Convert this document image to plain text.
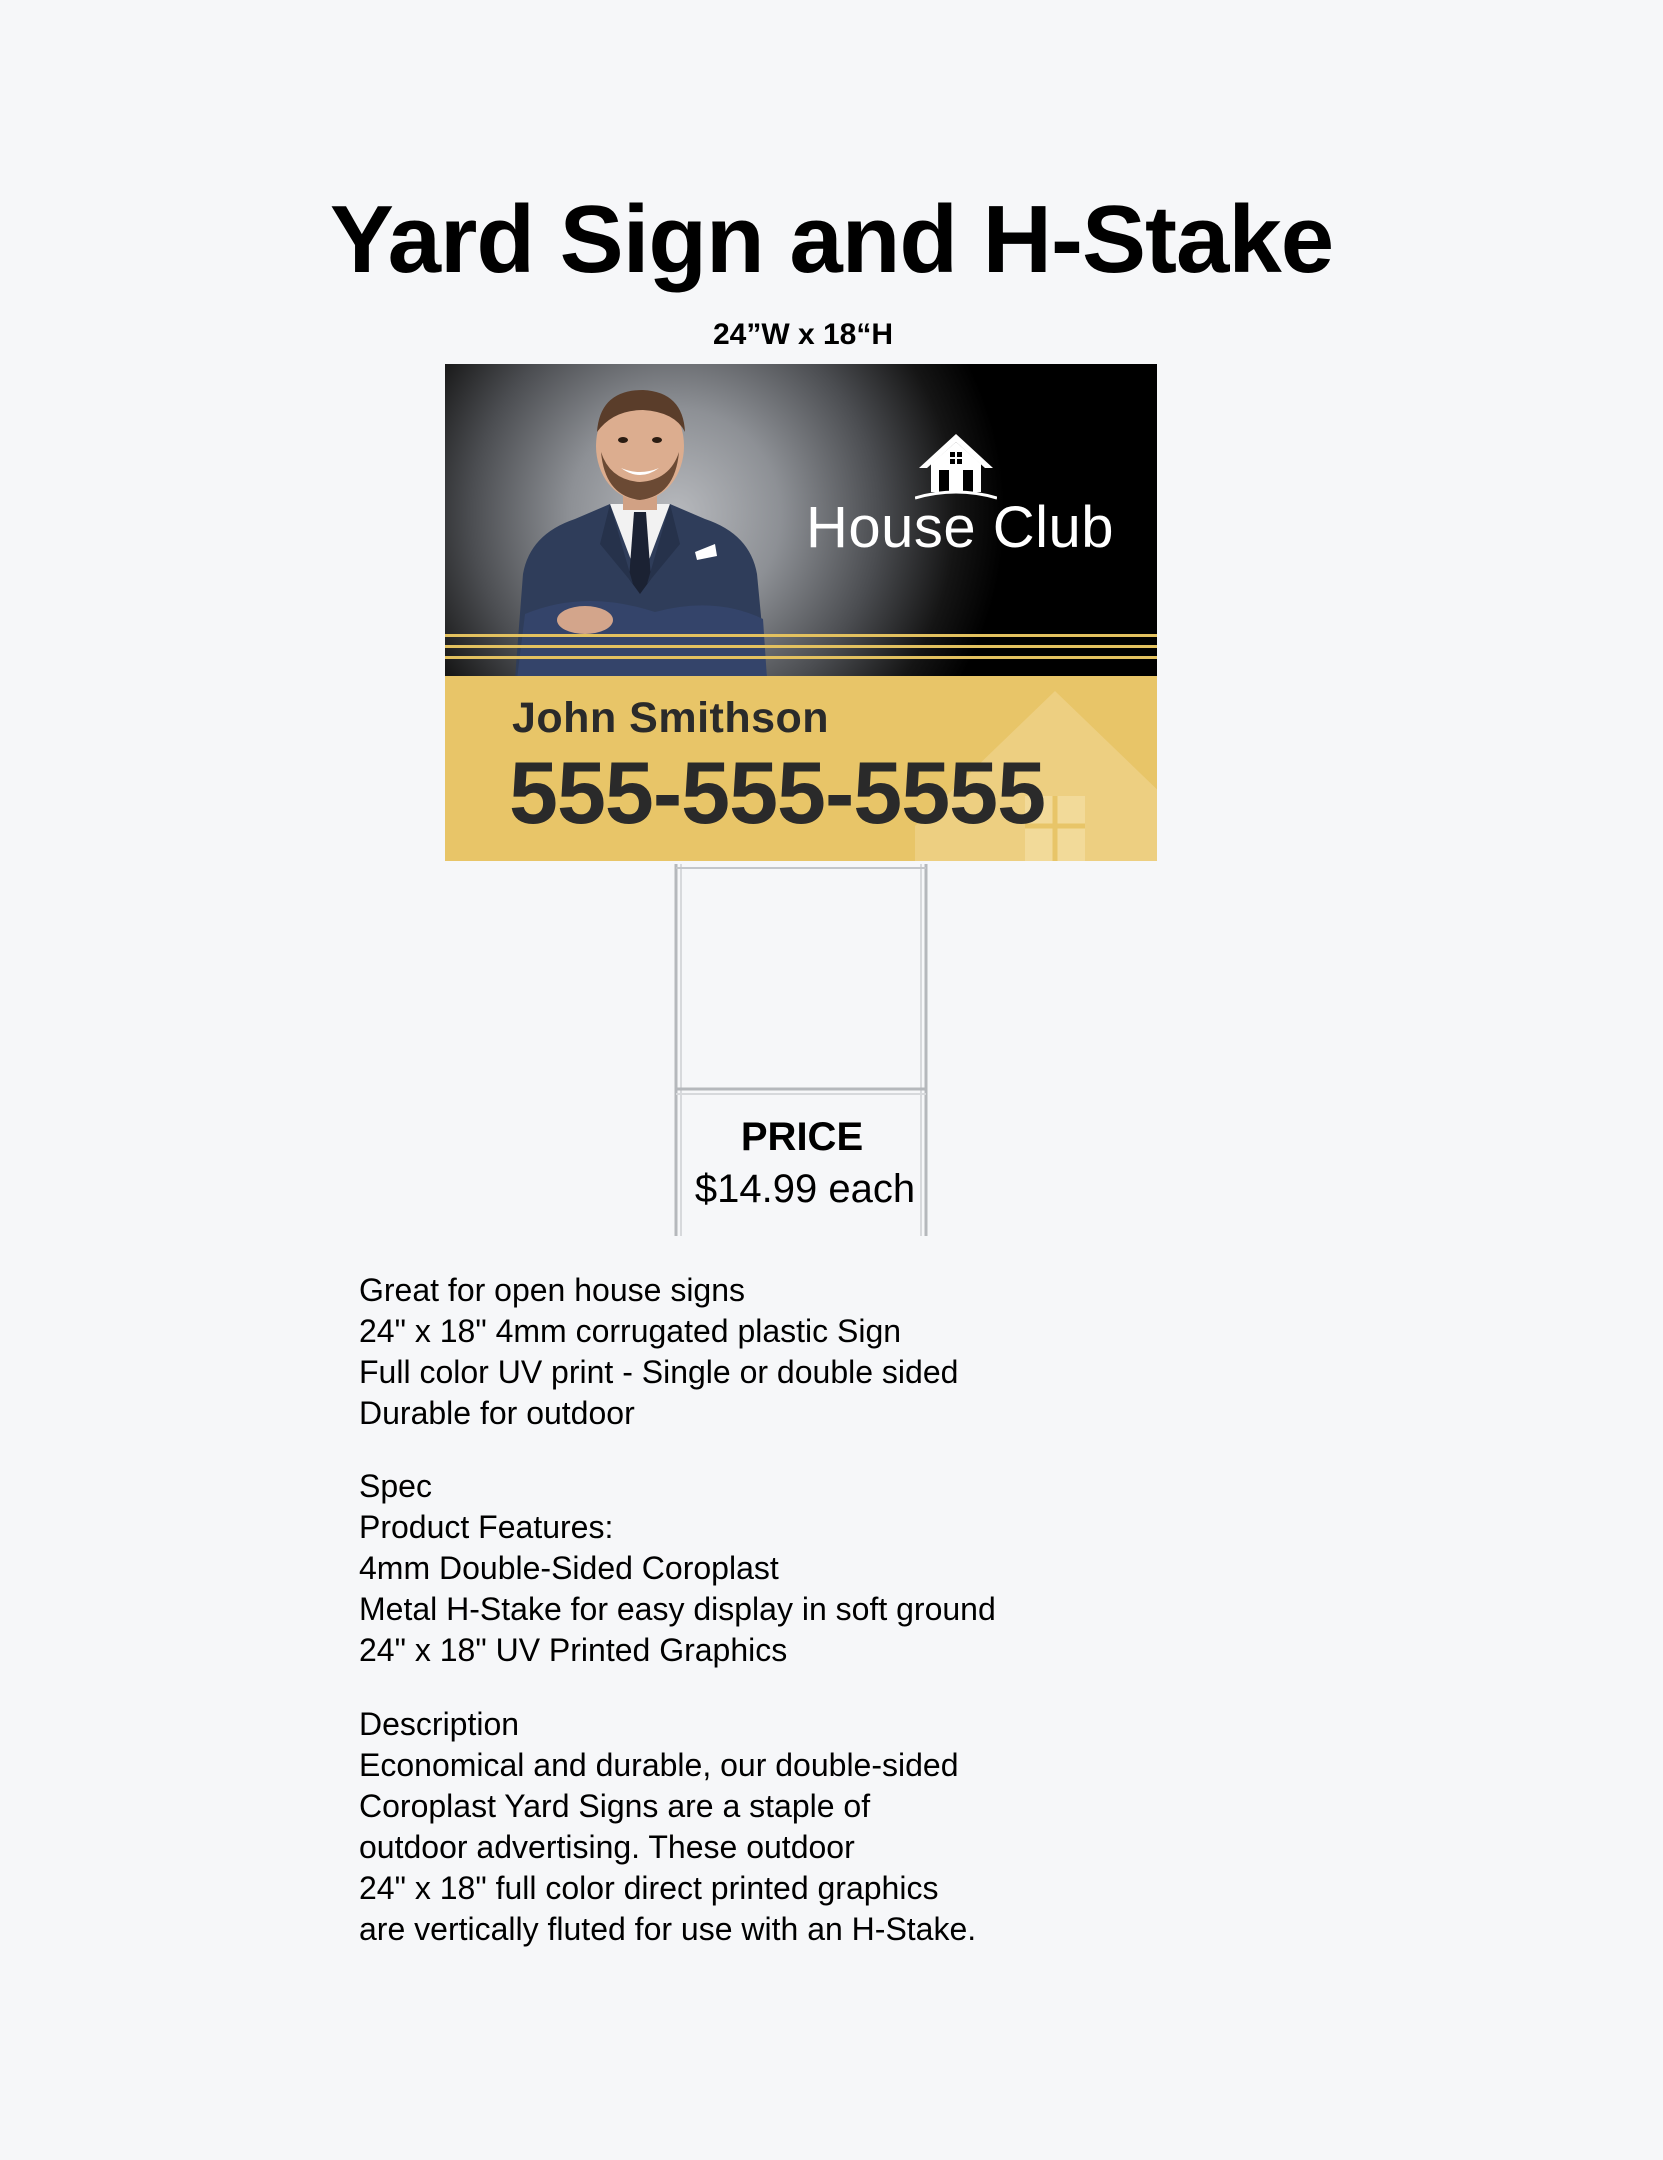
Yard Sign and H-Stake

24”W x 18“H

House Club

John Smithson

555-555-5555

PRICE

$14.99 each

Great for open house signs
24" x 18" 4mm corrugated plastic Sign
Full color UV print - Single or double sided
Durable for outdoor
Spec
Product Features:
4mm Double-Sided Coroplast
Metal H-Stake for easy display in soft ground
24" x 18" UV Printed Graphics
Description
Economical and durable, our double-sided
Coroplast Yard Signs are a staple of
outdoor advertising. These outdoor
24" x 18" full color direct printed graphics
are vertically fluted for use with an H-Stake.
